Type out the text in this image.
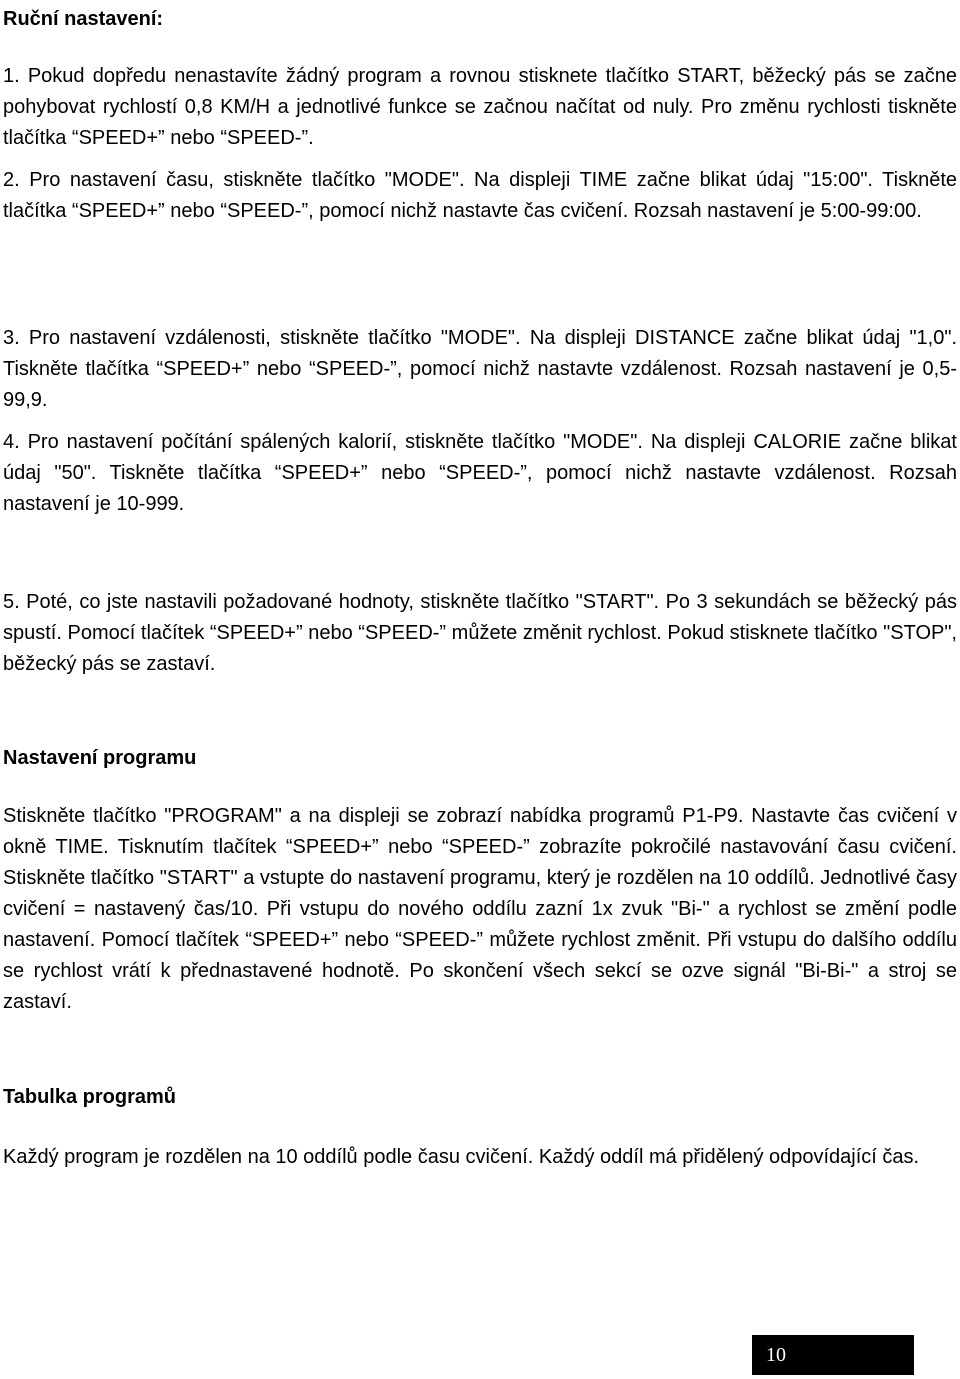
Ruční nastavení:

1. Pokud dopředu nenastavíte žádný program a rovnou stisknete tlačítko START, běžecký pás se začne pohybovat rychlostí 0,8 KM/H a jednotlivé funkce se začnou načítat od nuly. Pro změnu rychlosti tiskněte tlačítka “SPEED+” nebo “SPEED-”.

2. Pro nastavení času, stiskněte tlačítko "MODE". Na displeji TIME začne blikat údaj "15:00". Tiskněte tlačítka “SPEED+” nebo “SPEED-”, pomocí nichž nastavte čas cvičení. Rozsah nastavení je 5:00-99:00.

3. Pro nastavení vzdálenosti, stiskněte tlačítko "MODE". Na displeji DISTANCE začne blikat údaj "1,0". Tiskněte tlačítka “SPEED+” nebo “SPEED-”, pomocí nichž nastavte vzdálenost. Rozsah nastavení je 0,5-99,9.

4. Pro nastavení počítání spálených kalorií, stiskněte tlačítko "MODE". Na displeji CALORIE začne blikat údaj "50". Tiskněte tlačítka “SPEED+” nebo “SPEED-”, pomocí nichž nastavte vzdálenost. Rozsah nastavení je 10-999.

5. Poté, co jste nastavili požadované hodnoty, stiskněte tlačítko "START". Po 3 sekundách se běžecký pás spustí. Pomocí tlačítek “SPEED+” nebo “SPEED-” můžete změnit rychlost. Pokud stisknete tlačítko "STOP", běžecký pás se zastaví.

Nastavení programu

Stiskněte tlačítko "PROGRAM" a na displeji se zobrazí nabídka programů P1-P9. Nastavte čas cvičení v okně TIME. Tisknutím tlačítek “SPEED+” nebo “SPEED-” zobrazíte pokročilé nastavování času cvičení. Stiskněte tlačítko "START" a vstupte do nastavení programu, který je rozdělen na 10 oddílů. Jednotlivé časy cvičení = nastavený čas/10. Při vstupu do nového oddílu zazní 1x zvuk "Bi-" a rychlost se změní podle nastavení. Pomocí tlačítek “SPEED+” nebo “SPEED-” můžete rychlost změnit. Při vstupu do dalšího oddílu se rychlost vrátí k přednastavené hodnotě. Po skončení všech sekcí se ozve signál "Bi-Bi-" a stroj se zastaví.

Tabulka programů

Každý program je rozdělen na 10 oddílů podle času cvičení. Každý oddíl má přidělený odpovídající čas.

10
